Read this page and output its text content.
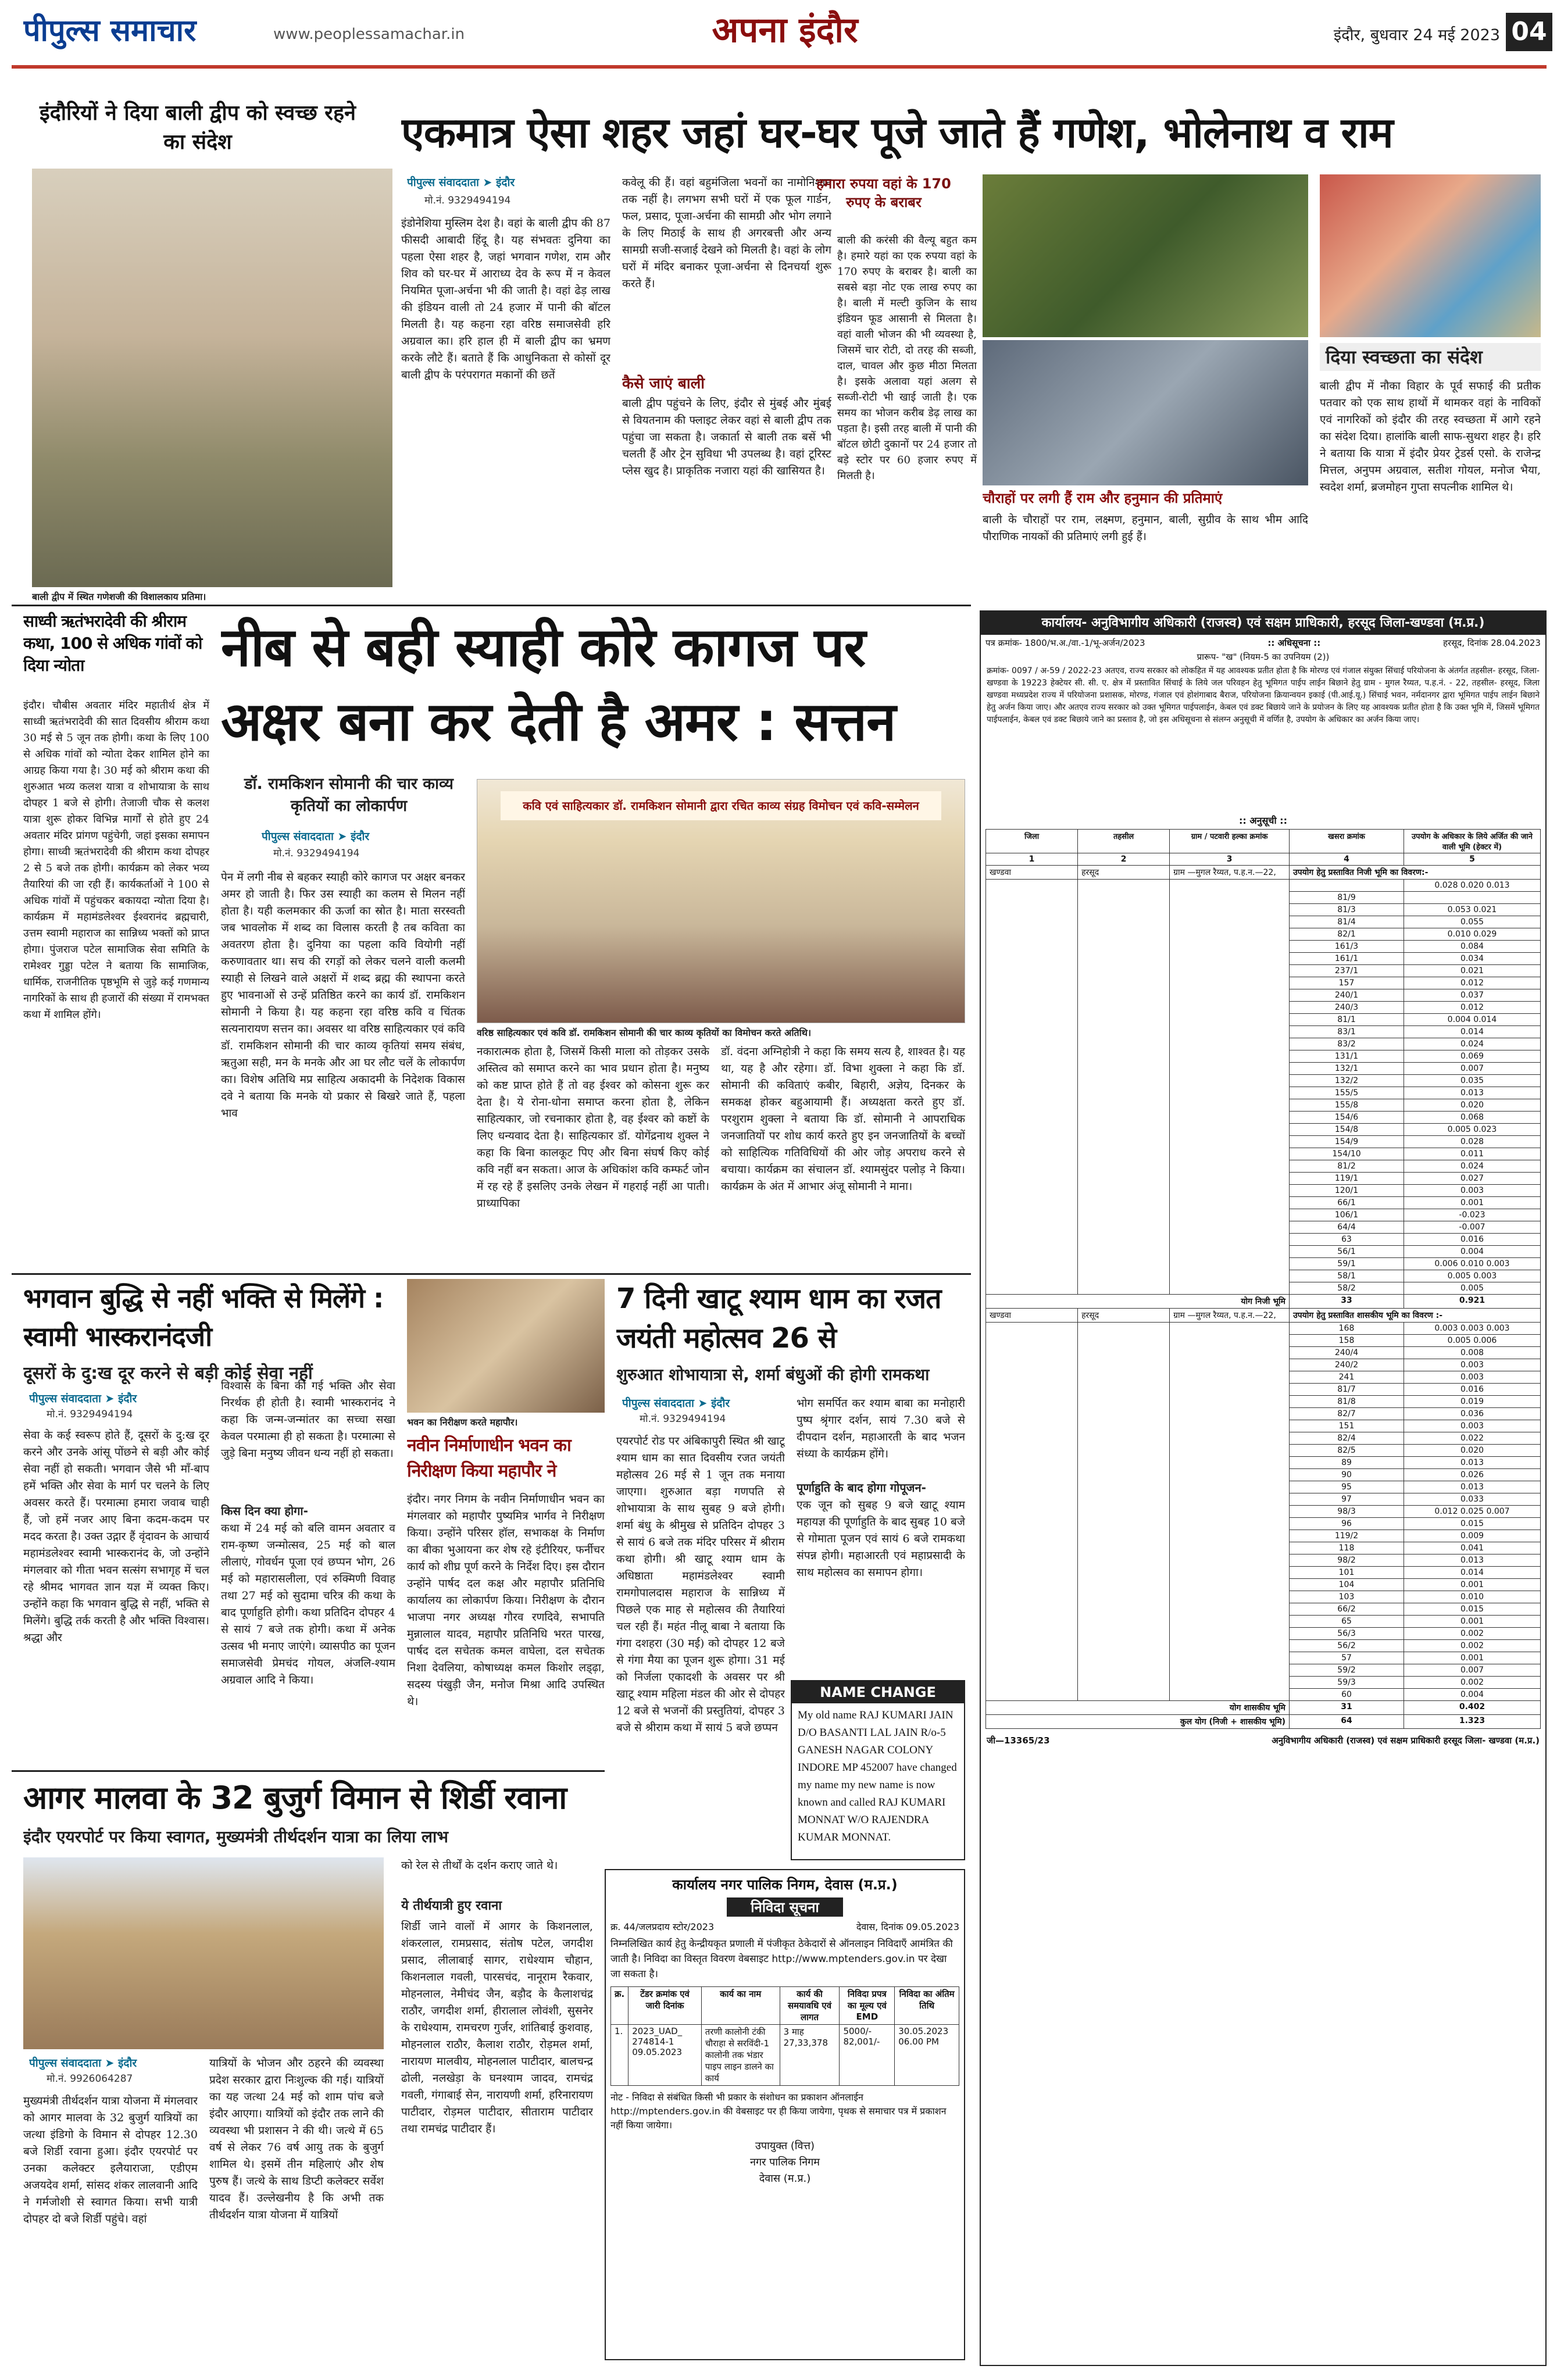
पीपुल्स समाचार	www.peoplessamachar.in	अपना इंदौर	इंदौर, बुधवार 24 मई 2023 04
इंदौरियों ने दिया बाली द्वीप को स्वच्छ रहने का संदेश	एकमात्र ऐसा शहर जहां घर-घर पूजे जाते हैं गणेश, भोलेनाथ व राम
बाली द्वीप में स्थित गणेशजी की विशालकाय प्रतिमा।
पीपुल्स संवाददाता ➤ इंदौर
मो.नं. 9329494194
इंडोनेशिया मुस्लिम देश है। वहां के बाली द्वीप की 87 फीसदी आबादी हिंदू है। यह संभवतः दुनिया का पहला ऐसा शहर है, जहां भगवान गणेश, राम और शिव को घर-घर में आराध्य देव के रूप में न केवल नियमित पूजा-अर्चना भी की जाती है। वहां ढेड़ लाख की इंडियन वाली तो 24 हजार में पानी की बॉटल मिलती है। यह कहना रहा वरिष्ठ समाजसेवी हरि अग्रवाल का। हरि हाल ही में बाली द्वीप का भ्रमण करके लौटे हैं। बताते हैं कि आधुनिकता से कोसों दूर बाली द्वीप के परंपरागत मकानों की छतें
कवेलू की हैं। वहां बहुमंजिला भवनों का नामोनिशान तक नहीं है। लगभग सभी घरों में एक फूल गार्डन, फल, प्रसाद, पूजा-अर्चना की सामग्री और भोग लगाने के लिए मिठाई के साथ ही अगरबत्ती और अन्य सामग्री सजी-सजाई देखने को मिलती है। वहां के लोग घरों में मंदिर बनाकर पूजा-अर्चना से दिनचर्या शुरू करते हैं।
कैसे जाएं बाली
बाली द्वीप पहुंचने के लिए, इंदौर से मुंबई और मुंबई से वियतनाम की फ्लाइट लेकर वहां से बाली द्वीप तक पहुंचा जा सकता है। जकार्ता से बाली तक बसें भी चलती हैं और ट्रेन सुविधा भी उपलब्ध है। वहां टूरिस्ट प्लेस खुद है। प्राकृतिक नजारा यहां की खासियत है।
हमारा रुपया वहां के 170 रुपए के बराबर
बाली की करंसी की वैल्यू बहुत कम है। हमारे यहां का एक रुपया वहां के 170 रुपए के बराबर है। बाली का सबसे बड़ा नोट एक लाख रुपए का है। बाली में मल्टी कुजिन के साथ इंडियन फूड आसानी से मिलता है। वहां वाली भोजन की भी व्यवस्था है, जिसमें चार रोटी, दो तरह की सब्जी, दाल, चावल और कुछ मीठा मिलता है। इसके अलावा यहां अलग से सब्जी-रोटी भी खाई जाती है। एक समय का भोजन करीब डेढ़ लाख का पड़ता है। इसी तरह बाली में पानी की बॉटल छोटी दुकानों पर 24 हजार तो बड़े स्टोर पर 60 हजार रुपए में मिलती है।
चौराहों पर लगी हैं राम और हनुमान की प्रतिमाएं
बाली के चौराहों पर राम, लक्ष्मण, हनुमान, बाली, सुग्रीव के साथ भीम आदि पौराणिक नायकों की प्रतिमाएं लगी हुई हैं।
दिया स्वच्छता का संदेश
बाली द्वीप में नौका विहार के पूर्व सफाई की प्रतीक पतवार को एक साथ हाथों में थामकर वहां के नाविकों एवं नागरिकों को इंदौर की तरह स्वच्छता में आगे रहने का संदेश दिया। हालांकि बाली साफ-सुथरा शहर है। हरि ने बताया कि यात्रा में इंदौर प्रेयर ट्रेडर्स एसो. के राजेन्द्र मित्तल, अनुपम अग्रवाल, सतीश गोयल, मनोज भैया, स्वदेश शर्मा, ब्रजमोहन गुप्ता सपत्नीक शामिल थे।
साध्वी ऋतंभरादेवी की श्रीराम कथा, 100 से अधिक गांवों को दिया न्योता
इंदौर। चौबीस अवतार मंदिर महातीर्थ क्षेत्र में साध्वी ऋतंभरादेवी की सात दिवसीय श्रीराम कथा 30 मई से 5 जून तक होगी। कथा के लिए 100 से अधिक गांवों को न्योता देकर शामिल होने का आग्रह किया गया है। 30 मई को श्रीराम कथा की शुरुआत भव्य कलश यात्रा व शोभायात्रा के साथ दोपहर 1 बजे से होगी। तेजाजी चौक से कलश यात्रा शुरू होकर विभिन्न मार्गों से होते हुए 24 अवतार मंदिर प्रांगण पहुंचेगी, जहां इसका समापन होगा। साध्वी ऋतंभरादेवी की श्रीराम कथा दोपहर 2 से 5 बजे तक होगी। कार्यक्रम को लेकर भव्य तैयारियां की जा रही हैं। कार्यकर्ताओं ने 100 से अधिक गांवों में पहुंचकर बकायदा न्योता दिया है। कार्यक्रम में महामंडलेश्वर ईश्वरानंद ब्रह्मचारी, उत्तम स्वामी महाराज का सान्निध्य भक्तों को प्राप्त होगा। पुंजराज पटेल सामाजिक सेवा समिति के रामेश्वर गुड्डा पटेल ने बताया कि सामाजिक, धार्मिक, राजनीतिक पृष्ठभूमि से जुड़े कई गणमान्य नागरिकों के साथ ही हजारों की संख्या में रामभक्त कथा में शामिल होंगे।
नीब से बही स्याही कोरे कागज पर अक्षर बना कर देती है अमर : सत्तन
डॉ. रामकिशन सोमानी की चार काव्य कृतियों का लोकार्पण
पीपुल्स संवाददाता ➤ इंदौर
मो.नं. 9329494194
कवि एवं साहित्यकार डॉ. रामकिशन सोमानी द्वारा रचित काव्य संग्रह विमोचन एवं कवि-सम्मेलन
वरिष्ठ साहित्यकार एवं कवि डॉ. रामकिशन सोमानी की चार काव्य कृतियों का विमोचन करते अतिथि।
पेन में लगी नीब से बहकर स्याही कोरे कागज पर अक्षर बनकर अमर हो जाती है। फिर उस स्याही का कलम से मिलन नहीं होता है। यही कलमकार की ऊर्जा का स्रोत है। माता सरस्वती जब भावलोक में शब्द का विलास करती है तब कविता का अवतरण होता है। दुनिया का पहला कवि वियोगी नहीं करुणावतार था। सच की रगड़ों को लेकर चलने वाली कलमी स्याही से लिखने वाले अक्षरों में शब्द ब्रह्म की स्थापना करते हुए भावनाओं से उन्हें प्रतिष्ठित करने का कार्य डॉ. रामकिशन सोमानी ने किया है। यह कहना रहा वरिष्ठ कवि व चिंतक सत्यनारायण सत्तन का। अवसर था वरिष्ठ साहित्यकार एवं कवि डॉ. रामकिशन सोमानी की चार काव्य कृतियां समय संबंध, ऋतुआ सही, मन के मनके और आ घर लौट चलें के लोकार्पण का। विशेष अतिथि मप्र साहित्य अकादमी के निदेशक विकास दवे ने बताया कि मनके यो प्रकार से बिखरे जाते हैं, पहला भाव
नकारात्मक होता है, जिसमें किसी माला को तोड़कर उसके अस्तित्व को समाप्त करने का भाव प्रधान होता है। मनुष्य को कष्ट प्राप्त होते हैं तो वह ईश्वर को कोसना शुरू कर देता है। ये रोना-धोना समाप्त करना होता है, लेकिन साहित्यकार, जो रचनाकार होता है, वह ईश्वर को कष्टों के लिए धन्यवाद देता है। साहित्यकार डॉ. योगेंद्रनाथ शुक्ल ने कहा कि बिना कालकूट पिए और बिना संघर्ष किए कोई कवि नहीं बन सकता। आज के अधिकांश कवि कम्फर्ट जोन में रह रहे हैं इसलिए उनके लेखन में गहराई नहीं आ पाती। प्राध्यापिका
डॉ. वंदना अग्निहोत्री ने कहा कि समय सत्य है, शाश्वत है। यह था, यह है और रहेगा। डॉ. विभा शुक्ला ने कहा कि डॉ. सोमानी की कविताएं कबीर, बिहारी, अज्ञेय, दिनकर के समकक्ष होकर बहुआयामी हैं। अध्यक्षता करते हुए डॉ. परशुराम शुक्ला ने बताया कि डॉ. सोमानी ने आपराधिक जनजातियों पर शोध कार्य करते हुए इन जनजातियों के बच्चों को साहित्यिक गतिविधियों की ओर जोड़ अपराध करने से बचाया। कार्यक्रम का संचालन डॉ. श्यामसुंदर पलोड़ ने किया। कार्यक्रम के अंत में आभार अंजू सोमानी ने माना।
भगवान बुद्धि से नहीं भक्ति से मिलेंगे : स्वामी भास्करानंदजी
दूसरों के दु:ख दूर करने से बड़ी कोई सेवा नहीं
पीपुल्स संवाददाता ➤ इंदौर
मो.नं. 9329494194
सेवा के कई स्वरूप होते हैं, दूसरों के दु:ख दूर करने और उनके आंसू पोंछने से बड़ी और कोई सेवा नहीं हो सकती। भगवान जैसे भी माँ-बाप हमें भक्ति और सेवा के मार्ग पर चलने के लिए अवसर करते हैं। परमात्मा हमारा जवाब चाही हैं, जो हमें नजर आए बिना कदम-कदम पर मदद करता है। उक्त उद्गार हैं वृंदावन के आचार्य महामंडलेश्वर स्वामी भास्करानंद के, जो उन्होंने मंगलवार को गीता भवन सत्संग सभागृह में चल रहे श्रीमद भागवत ज्ञान यज्ञ में व्यक्त किए। उन्होंने कहा कि भगवान बुद्धि से नहीं, भक्ति से मिलेंगे। बुद्धि तर्क करती है और भक्ति विश्वास। श्रद्धा और
विश्वास के बिना की गई भक्ति और सेवा निरर्थक ही होती है। स्वामी भास्करानंद ने कहा कि जन्म-जन्मांतर का सच्चा सखा केवल परमात्मा ही हो सकता है। परमात्मा से जुड़े बिना मनुष्य जीवन धन्य नहीं हो सकता।
किस दिन क्या होगा-
कथा में 24 मई को बलि वामन अवतार व राम-कृष्ण जन्मोत्सव, 25 मई को बाल लीलाएं, गोवर्धन पूजा एवं छप्पन भोग, 26 मई को महारासलीला, एवं रुक्मिणी विवाह तथा 27 मई को सुदामा चरित्र की कथा के बाद पूर्णाहुति होगी। कथा प्रतिदिन दोपहर 4 से सायं 7 बजे तक होगी। कथा में अनेक उत्सव भी मनाए जाएंगे। व्यासपीठ का पूजन समाजसेवी प्रेमचंद गोयल, अंजलि-श्याम अग्रवाल आदि ने किया।
भवन का निरीक्षण करते महापौर।
नवीन निर्माणाधीन भवन का निरीक्षण किया महापौर ने
इंदौर। नगर निगम के नवीन निर्माणाधीन भवन का मंगलवार को महापौर पुष्यमित्र भार्गव ने निरीक्षण किया। उन्होंने परिसर हॉल, सभाकक्ष के निर्माण का बीका भुआयना कर शेष रहे इंटीरियर, फर्नीचर कार्य को शीघ्र पूर्ण करने के निर्देश दिए। इस दौरान उन्होंने पार्षद दल कक्ष और महापौर प्रतिनिधि कार्यालय का लोकार्पण किया। निरीक्षण के दौरान भाजपा नगर अध्यक्ष गौरव रणदिवे, सभापति मुन्नालाल यादव, महापौर प्रतिनिधि भरत पारख, पार्षद दल सचेतक कमल वाघेला, दल सचेतक निशा देवलिया, कोषाध्यक्ष कमल किशोर लड्ढ़ा, सदस्य पंखुड़ी जैन, मनोज मिश्रा आदि उपस्थित थे।
7 दिनी खाटू श्याम धाम का रजत जयंती महोत्सव 26 से
शुरुआत शोभायात्रा से, शर्मा बंधुओं की होगी रामकथा
पीपुल्स संवाददाता ➤ इंदौर
मो.नं. 9329494194
एयरपोर्ट रोड पर अंबिकापुरी स्थित श्री खाटू श्याम धाम का सात दिवसीय रजत जयंती महोत्सव 26 मई से 1 जून तक मनाया जाएगा। शुरुआत बड़ा गणपति से शोभायात्रा के साथ सुबह 9 बजे होगी। शर्मा बंधु के श्रीमुख से प्रतिदिन दोपहर 3 से सायं 6 बजे तक मंदिर परिसर में श्रीराम कथा होगी। श्री खाटू श्याम धाम के अधिष्ठाता महामंडलेश्वर स्वामी रामगोपालदास महाराज के सान्निध्य में पिछले एक माह से महोत्सव की तैयारियां चल रही हैं। महंत नीलू बाबा ने बताया कि गंगा दशहरा (30 मई) को दोपहर 12 बजे से गंगा मैया का पूजन शुरू होगा। 31 मई को निर्जला एकादशी के अवसर पर श्री खाटू श्याम महिला मंडल की ओर से दोपहर 12 बजे से भजनों की प्रस्तुतियां, दोपहर 3 बजे से श्रीराम कथा में सायं 5 बजे छप्पन
भोग समर्पित कर श्याम बाबा का मनोहारी पुष्प श्रृंगार दर्शन, सायं 7.30 बजे से दीपदान दर्शन, महाआरती के बाद भजन संध्या के कार्यक्रम होंगे।
पूर्णाहुति के बाद होगा गोपूजन-
एक जून को सुबह 9 बजे खाटू श्याम महायज्ञ की पूर्णाहुति के बाद सुबह 10 बजे से गोमाता पूजन एवं सायं 6 बजे रामकथा संपन्न होगी। महाआरती एवं महाप्रसादी के साथ महोत्सव का समापन होगा।
NAME CHANGE
My old name RAJ KUMARI JAIN D/O BASANTI LAL JAIN R/o-5 GANESH NAGAR COLONY INDORE MP 452007 have changed my name my new name is now known and called RAJ KUMARI MONNAT W/O RAJENDRA KUMAR MONNAT.
आगर मालवा के 32 बुजुर्ग विमान से शिर्डी रवाना
इंदौर एयरपोर्ट पर किया स्वागत, मुख्यमंत्री तीर्थदर्शन यात्रा का लिया लाभ
पीपुल्स संवाददाता ➤ इंदौर
मो.नं. 9926064287
मुख्यमंत्री तीर्थदर्शन यात्रा योजना में मंगलवार को आगर मालवा के 32 बुजुर्ग यात्रियों का जत्था इंडिगो के विमान से दोपहर 12.30 बजे शिर्डी रवाना हुआ। इंदौर एयरपोर्ट पर उनका कलेक्टर इलैयाराजा, एडीएम अजयदेव शर्मा, सांसद शंकर लालवानी आदि ने गर्मजोशी से स्वागत किया। सभी यात्री दोपहर दो बजे शिर्डी पहुंचे। वहां
यात्रियों के भोजन और ठहरने की व्यवस्था प्रदेश सरकार द्वारा निःशुल्क की गई। यात्रियों का यह जत्था 24 मई को शाम पांच बजे इंदौर आएगा। यात्रियों को इंदौर तक लाने की व्यवस्था भी प्रशासन ने की थी। जत्थे में 65 वर्ष से लेकर 76 वर्ष आयु तक के बुजुर्ग शामिल थे। इसमें तीन महिलाएं और शेष पुरुष हैं। जत्थे के साथ डिप्टी कलेक्टर सर्वेश यादव हैं। उल्लेखनीय है कि अभी तक तीर्थदर्शन यात्रा योजना में यात्रियों
को रेल से तीर्थों के दर्शन कराए जाते थे।
ये तीर्थयात्री हुए रवाना
शिर्डी जाने वालों में आगर के किशनलाल, शंकरलाल, रामप्रसाद, संतोष पटेल, जगदीश प्रसाद, लीलाबाई सागर, राधेश्याम चौहान, किशनलाल गवली, पारसचंद, नानूराम रैकवार, मोहनलाल, नेमीचंद जैन, बड़ौद के कैलाशचंद्र राठौर, जगदीश शर्मा, हीरालाल लोवंशी, सुसनेर के राधेश्याम, रामचरण गुर्जर, शांतिबाई कुशवाह, मोहनलाल राठौर, कैलाश राठौर, रोड़मल शर्मा, नारायण मालवीय, मोहनलाल पाटीदार, बालचन्द्र ढोली, नलखेड़ा के घनश्याम जादव, रामचंद्र गवली, गंगाबाई सेन, नारायणी शर्मा, हरिनारायण पाटीदार, रोड़मल पाटीदार, सीताराम पाटीदार तथा रामचंद्र पाटीदार हैं।
कार्यालय नगर पालिक निगम, देवास (म.प्र.)
निविदा सूचना
क्र. 44/जलप्रदाय स्टोर/2023	देवास, दिनांक 09.05.2023
निम्नलिखित कार्य हेतु केन्द्रीयकृत प्रणाली में पंजीकृत ठेकेदारों से ऑनलाइन निविदाएँ आमंत्रित की जाती है। निविदा का विस्तृत विवरण वेबसाइट http://www.mptenders.gov.in पर देखा जा सकता है।
क्र.	टेंडर क्रमांक एवं जारी दिनांक	कार्य का नाम	कार्य की समयावधि एवं लागत	निविदा प्रपत्र का मूल्य एवं EMD	निविदा का अंतिम तिथि
1.	2023_UAD_ 274814-1 09.05.2023	तरणी कालोनी टंकी चौराहा से सरविंदी-1 कालोनी तक भंडार पाइप लाइन डालने का कार्य	3 माह 27,33,378	5000/- 82,001/-	30.05.2023 06.00 PM
नोट - निविदा से संबंधित किसी भी प्रकार के संशोधन का प्रकाशन ऑनलाईन http://mptenders.gov.in की वेबसाइट पर ही किया जायेगा, पृथक से समाचार पत्र में प्रकाशन नहीं किया जायेगा।
उपायुक्त (वित्त)
नगर पालिक निगम
देवास (म.प्र.)
कार्यालय- अनुविभागीय अधिकारी (राजस्व) एवं सक्षम प्राधिकारी, हरसूद जिला-खण्डवा (म.प्र.)
पत्र क्रमांक- 1800/भ.अ./वा.-1/भू-अर्जन/2023	:: अधिसूचना ::	हरसूद, दिनांक 28.04.2023
प्रारूप- "ख" (नियम-5 का उपनियम (2))
क्रमांक- 0097 / अ-59 / 2022-23 अतएव, राज्य सरकार को लोकहित में यह आवश्यक प्रतीत होता है कि मोरण्ड एवं गंजाल संयुक्त सिंचाई परियोजना के अंतर्गत तहसील- हरसूद, जिला-खण्डवा के 19223 हेक्टेयर सी. सी. ए. क्षेत्र में प्रस्तावित सिंचाई के लिये जल परिवहन हेतु भूमिगत पाईप लाईन बिछाने हेतु ग्राम - मुगल रैय्यत, प.ह.नं. - 22, तहसील- हरसूद, जिला खण्डवा मध्यप्रदेश राज्य में परियोजना प्रशासक, मोरण्ड, गंजाल एवं होशंगाबाद बैराज, परियोजना क्रियान्वयन इकाई (पी.आई.यू.) सिंचाई भवन, नर्मदानगर द्वारा भूमिगत पाईप लाईन बिछाने हेतु अर्जन किया जाए। और अतएव राज्य सरकार को उक्त भूमिगत पाईपलाईन, केबल एवं डक्ट बिछाये जाने के प्रयोजन के लिए यह आवश्यक प्रतीत होता है कि उक्त भूमि में, जिसमें भूमिगत पाईपलाईन, केबल एवं डक्ट बिछाये जाने का प्रस्ताव है, जो इस अधिसूचना से संलग्न अनुसूची में वर्णित है, उपयोग के अधिकार का अर्जन किया जाए।
:: अनुसूची ::
जिला	तहसील	ग्राम / पटवारी हल्का क्रमांक	खसरा क्रमांक	उपयोग के अधिकार के लिये अर्जित की जाने वाली भूमि (हेक्टर में)
1	2	3	4	5
खण्डवा	हरसूद	ग्राम —मुगल रैय्यत, प.ह.न.—22,	उपयोग हेतु प्रस्तावित निजी भूमि का विवरण:-	
				0.028 0.020 0.013
			81/9	
			81/3	0.053 0.021
			81/4	0.055
			82/1	0.010 0.029
			161/3	0.084
			161/1	0.034
			237/1	0.021
			157	0.012
			240/1	0.037
			240/3	0.012
			81/1	0.004 0.014
			83/1	0.014
			83/2	0.024
			131/1	0.069
			132/1	0.007
			132/2	0.035
			155/5	0.013
			155/8	0.020
			154/6	0.068
			154/8	0.005 0.023
			154/9	0.028
			154/10	0.011
			81/2	0.024
			119/1	0.027
			120/1	0.003
			66/1	0.001
			106/1	-0.023
			64/4	-0.007
			63	0.016
			56/1	0.004
			59/1	0.006 0.010 0.003
			58/1	0.005 0.003
			58/2	0.005
योग निजी भूमि			33	0.921
खण्डवा	हरसूद	ग्राम —मुगल रैय्यत, प.ह.न.—22,	उपयोग हेतु प्रस्तावित शासकीय भूमि का विवरण :-	
			168	0.003 0.003 0.003
			158	0.005 0.006
			240/4	0.008
			240/2	0.003
			241	0.003
			81/7	0.016
			81/8	0.019
			82/7	0.036
			151	0.003
			82/4	0.022
			82/5	0.020
			89	0.013
			90	0.026
			95	0.013
			97	0.033
			98/3	0.012 0.025 0.007
			96	0.015
			119/2	0.009
			118	0.041
			98/2	0.013
			101	0.014
			104	0.001
			103	0.010
			66/2	0.015
			65	0.001
			56/3	0.002
			56/2	0.002
			57	0.001
			59/2	0.007
			59/3	0.002
			60	0.004
योग शासकीय भूमि			31	0.402
कुल योग (निजी + शासकीय भूमि)			64	1.323
जी—13365/23	अनुविभागीय अधिकारी (राजस्व) एवं सक्षम प्राधिकारी हरसूद जिला- खण्डवा (म.प्र.)
